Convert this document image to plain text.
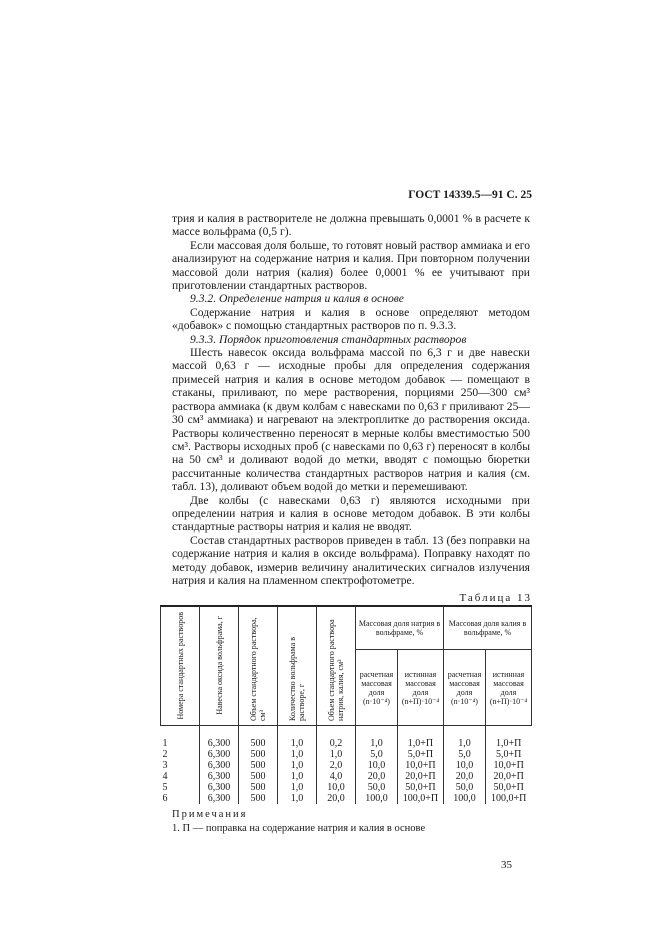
ГОСТ 14339.5—91 С. 25

трия и калия в растворителе не должна превышать 0,0001 % в расчете к массе вольфрама (0,5 г).

Если массовая доля больше, то готовят новый раствор аммиака и его анализируют на содержание натрия и калия. При повторном получении массовой доли натрия (калия) более 0,0001 % ее учитывают при приготовлении стандартных растворов.

9.3.2. Определение натрия и калия в основе

Содержание натрия и калия в основе определяют методом «добавок» с помощью стандартных растворов по п. 9.3.3.

9.3.3. Порядок приготовления стандартных растворов

Шесть навесок оксида вольфрама массой по 6,3 г и две навески массой 0,63 г — исходные пробы для определения содержания примесей натрия и калия в основе методом добавок — помещают в стаканы, приливают, по мере растворения, порциями 250—300 см³ раствора аммиака (к двум колбам с навесками по 0,63 г приливают 25—30 см³ аммиака) и нагревают на электроплитке до растворения оксида. Растворы количественно переносят в мерные колбы вместимостью 500 см³. Растворы исходных проб (с навесками по 0,63 г) переносят в колбы на 50 см³ и доливают водой до метки, вводят с помощью бюретки рассчитанные количества стандартных растворов натрия и калия (см. табл. 13), доливают объем водой до метки и перемешивают.

Две колбы (с навесками 0,63 г) являются исходными при определении натрия и калия в основе методом добавок. В эти колбы стандартные растворы натрия и калия не вводят.

Состав стандартных растворов приведен в табл. 13 (без поправки на содержание натрия и калия в оксиде вольфрама). Поправку находят по методу добавок, измерив величину аналитических сигналов излучения натрия и калия на пламенном спектрофотометре.

Таблица 13
Номера стандартных растворов	Навеска оксида вольфрама, г	Объем стандартного раствора, см³	Количество вольфрама в растворе, г	Объем стандартного раствора натрия, калия, см³	Массовая доля натрия в вольфраме, %		Массовая доля калия в вольфраме, %	
					расчетная массовая доля (n·10⁻⁴)	истинная массовая доля (n+П)·10⁻⁴	расчетная массовая доля (n·10⁻⁴)	истинная массовая доля (n+П)·10⁻⁴
1	6,300	500	1,0	0,2	1,0	1,0+П	1,0	1,0+П
2	6,300	500	1,0	1,0	5,0	5,0+П	5,0	5,0+П
3	6,300	500	1,0	2,0	10,0	10,0+П	10,0	10,0+П
4	6,300	500	1,0	4,0	20,0	20,0+П	20,0	20,0+П
5	6,300	500	1,0	10,0	50,0	50,0+П	50,0	50,0+П
6	6,300	500	1,0	20,0	100,0	100,0+П	100,0	100,0+П
Примечания
1. П — поправка на содержание натрия и калия в основе
35
